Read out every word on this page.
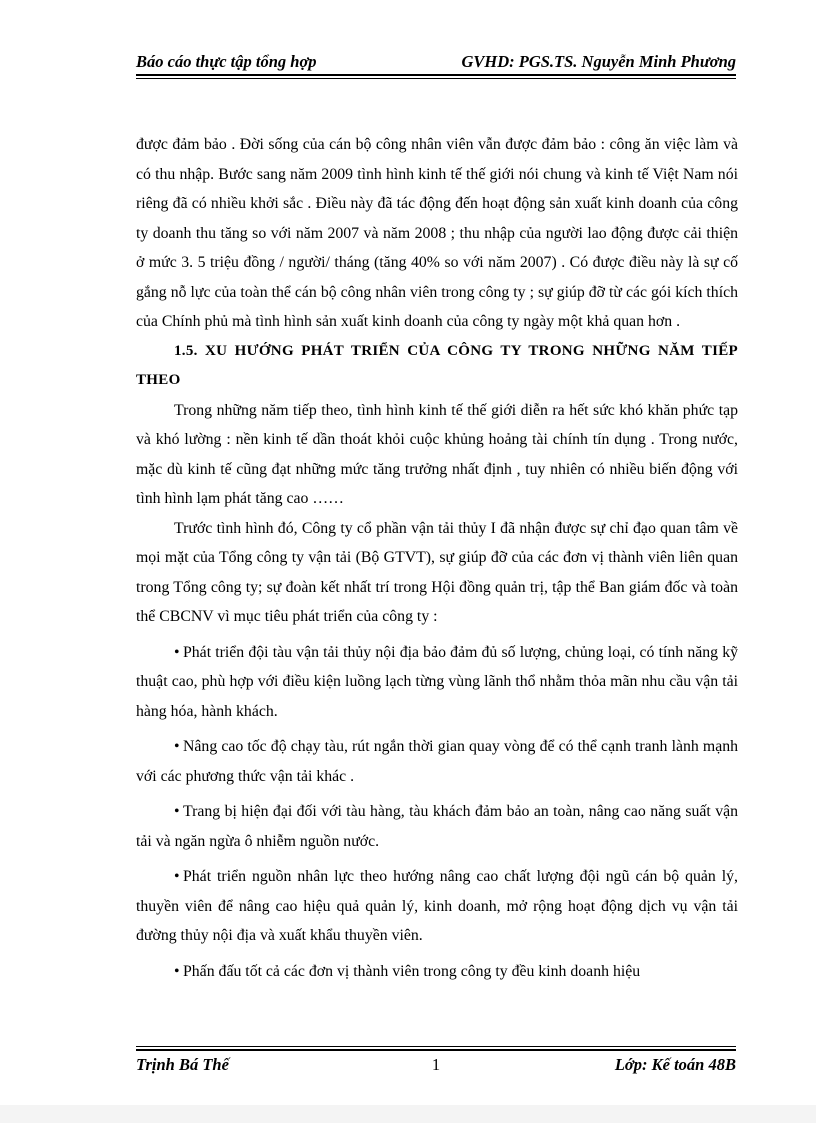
Báo cáo thực tập tổng hợp	GVHD: PGS.TS. Nguyễn Minh Phương

được đảm bảo . Đời sống của cán bộ công nhân viên vẫn được đảm bảo : công ăn việc làm và có thu nhập. Bước sang năm 2009 tình hình kinh tế thế giới nói chung và kinh tế Việt Nam nói riêng đã có nhiều khởi sắc . Điều này đã tác động đến hoạt động sản xuất kinh doanh của công ty doanh thu tăng so với năm 2007 và năm 2008 ; thu nhập của người lao động được cải thiện ở mức 3. 5 triệu đồng / người/ tháng (tăng 40% so với năm 2007) . Có được điều này là sự cố gắng nỗ lực của toàn thể cán bộ công nhân viên trong công ty ; sự giúp đỡ từ các gói kích thích của Chính phủ mà tình hình sản xuất kinh doanh của công ty ngày một khả quan hơn .

1.5. XU HƯỚNG PHÁT TRIỂN CỦA CÔNG TY TRONG NHỮNG NĂM TIẾP THEO

Trong những năm tiếp theo, tình hình kinh tế thế giới diễn ra hết sức khó khăn phức tạp và khó lường : nền kinh tế dần thoát khỏi cuộc khủng hoảng tài chính tín dụng . Trong nước, mặc dù kinh tế cũng đạt những mức tăng trưởng nhất định , tuy nhiên có nhiều biến động với tình hình lạm phát tăng cao ……

Trước tình hình đó, Công ty cổ phần vận tải thủy I đã nhận được sự chỉ đạo quan tâm về mọi mặt của Tổng công ty vận tải (Bộ GTVT), sự giúp đỡ của các đơn vị thành viên liên quan trong Tổng công ty; sự đoàn kết nhất trí trong Hội đồng quản trị, tập thể Ban giám đốc và toàn thể CBCNV vì mục tiêu phát triển của công ty :

• Phát triển đội tàu vận tải thủy nội địa bảo đảm đủ số lượng, chủng loại, có tính năng kỹ thuật cao, phù hợp với điều kiện luồng lạch từng vùng lãnh thổ nhằm thỏa mãn nhu cầu vận tải hàng hóa, hành khách.

• Nâng cao tốc độ chạy tàu, rút ngắn thời gian quay vòng để có thể cạnh tranh lành mạnh với các phương thức vận tải khác .

• Trang bị hiện đại đối với tàu hàng, tàu khách đảm bảo an toàn, nâng cao năng suất vận tải và ngăn ngừa ô nhiễm nguồn nước.

• Phát triển nguồn nhân lực theo hướng nâng cao chất lượng đội ngũ cán bộ quản lý, thuyền viên để nâng cao hiệu quả quản lý, kinh doanh, mở rộng hoạt động dịch vụ vận tải đường thủy nội địa và xuất khẩu thuyền viên.

• Phấn đấu tốt cả các đơn vị thành viên trong công ty đều kinh doanh hiệu

Trịnh Bá Thế	1	Lớp: Kế toán 48B
